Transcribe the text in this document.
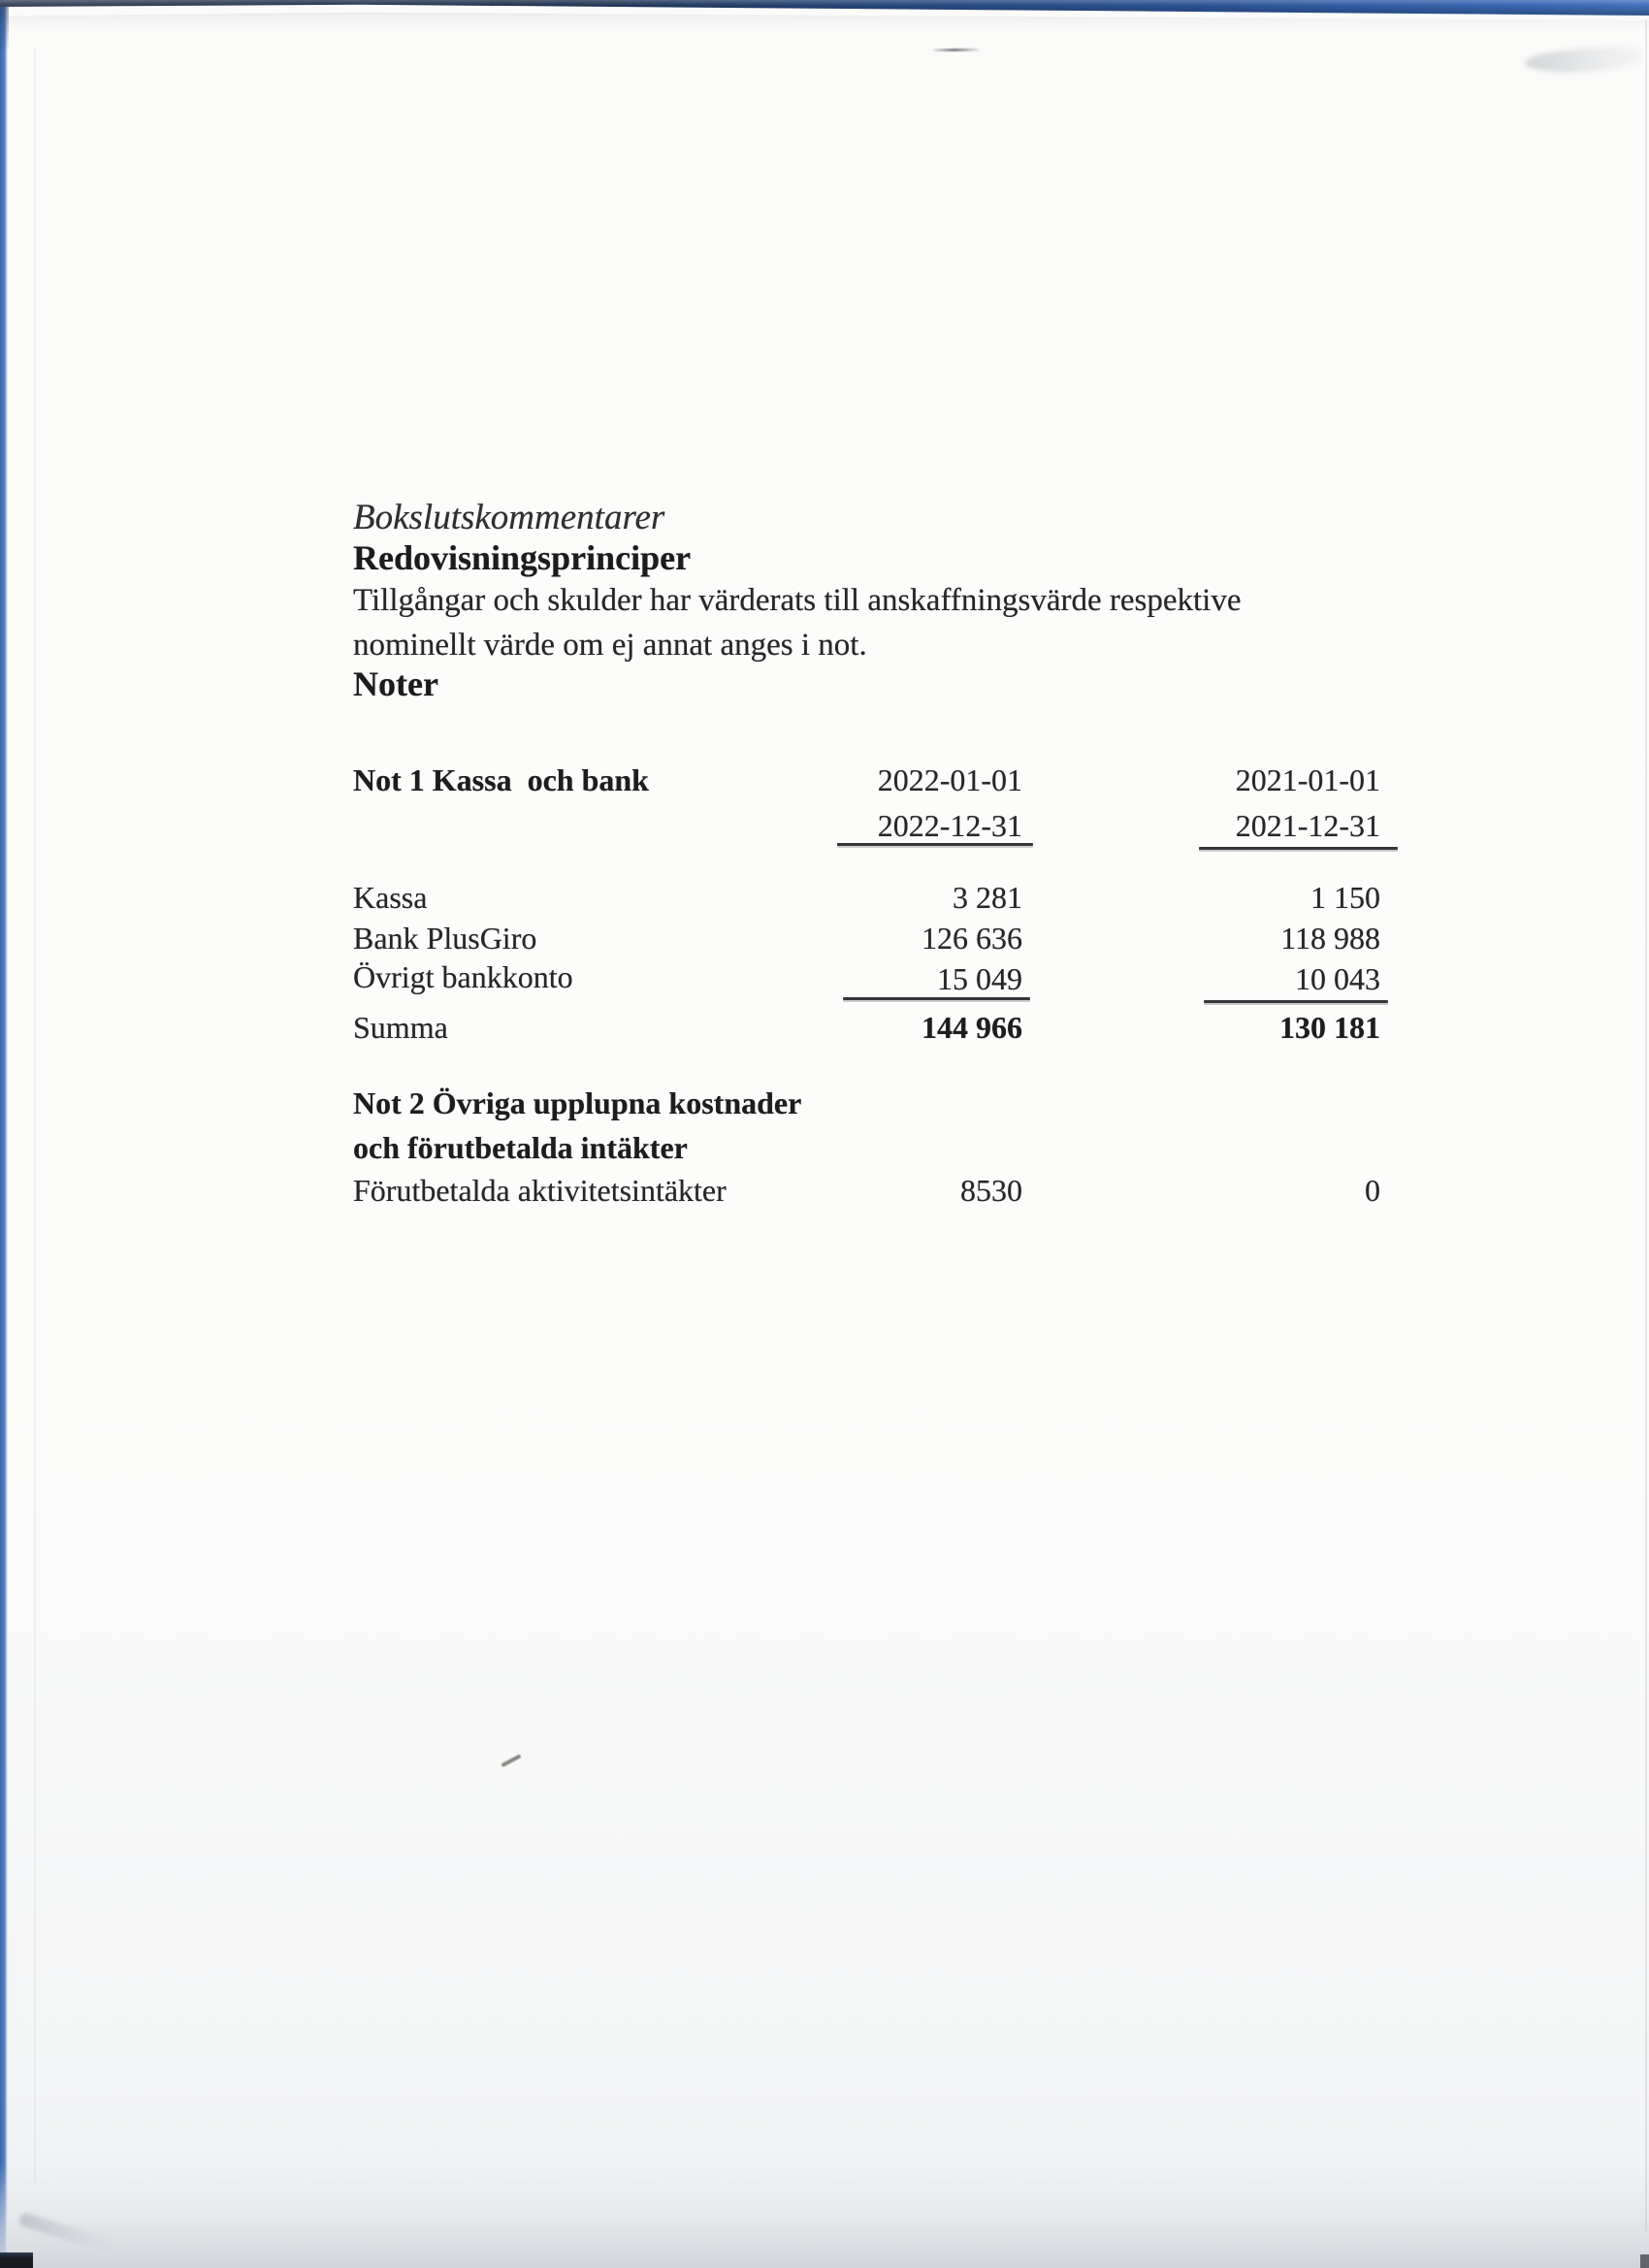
Bokslutskommentarer
Redovisningsprinciper
Tillgångar och skulder har värderats till anskaffningsvärde respektive
nominellt värde om ej annat anges i not.
Noter
Not 1 Kassa  och bank	2022-01-01	2021-01-01
2022-12-31	2021-12-31
Kassa	3 281	1 150
Bank PlusGiro	126 636	118 988
Övrigt bankkonto	15 049	10 043
Summa	144 966	130 181
Not 2 Övriga upplupna kostnader
och förutbetalda intäkter
Förutbetalda aktivitetsintäkter	8530	0
